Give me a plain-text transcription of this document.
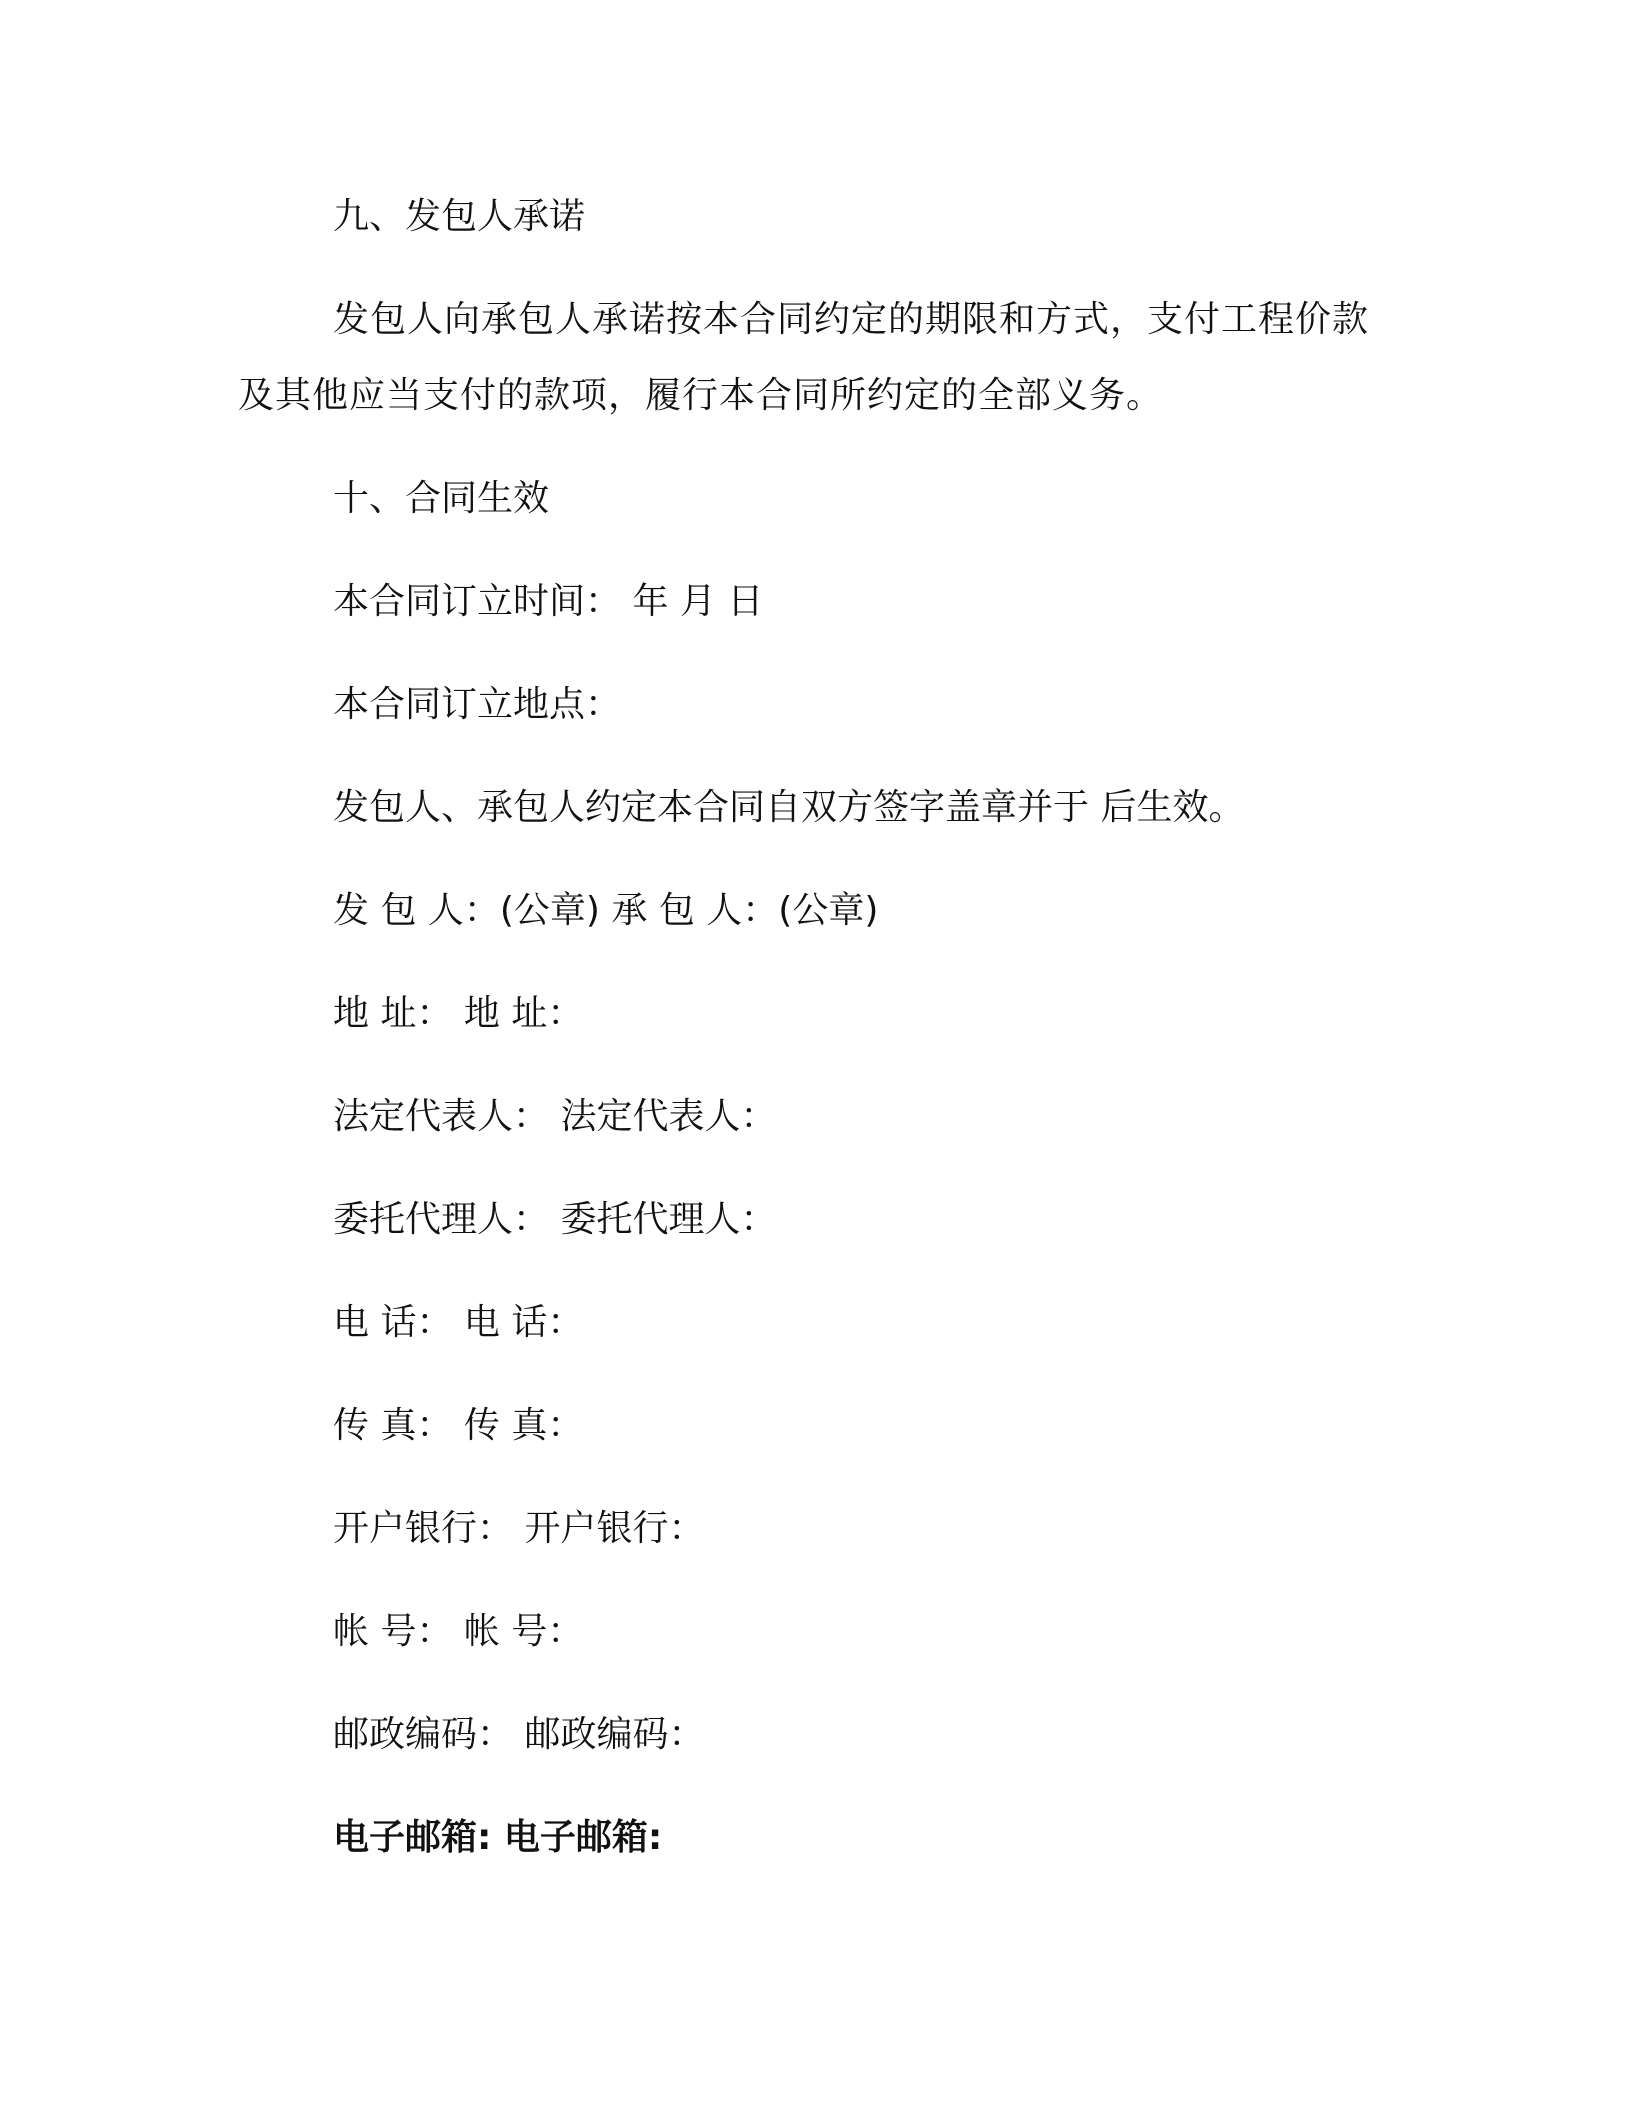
九、发包人承诺
发包人向承包人承诺按本合同约定的期限和方式，支付工程价款及其他应当支付的款项，履行本合同所约定的全部义务。
十、合同生效
本合同订立时间： 年 月 日
本合同订立地点：
发包人、承包人约定本合同自双方签字盖章并于 后生效。
发 包 人：(公章) 承 包 人：(公章)
地 址： 地 址：
法定代表人： 法定代表人：
委托代理人： 委托代理人：
电 话： 电 话：
传 真： 传 真：
开户银行： 开户银行：
帐 号： 帐 号：
邮政编码： 邮政编码：
电子邮箱: 电子邮箱:
